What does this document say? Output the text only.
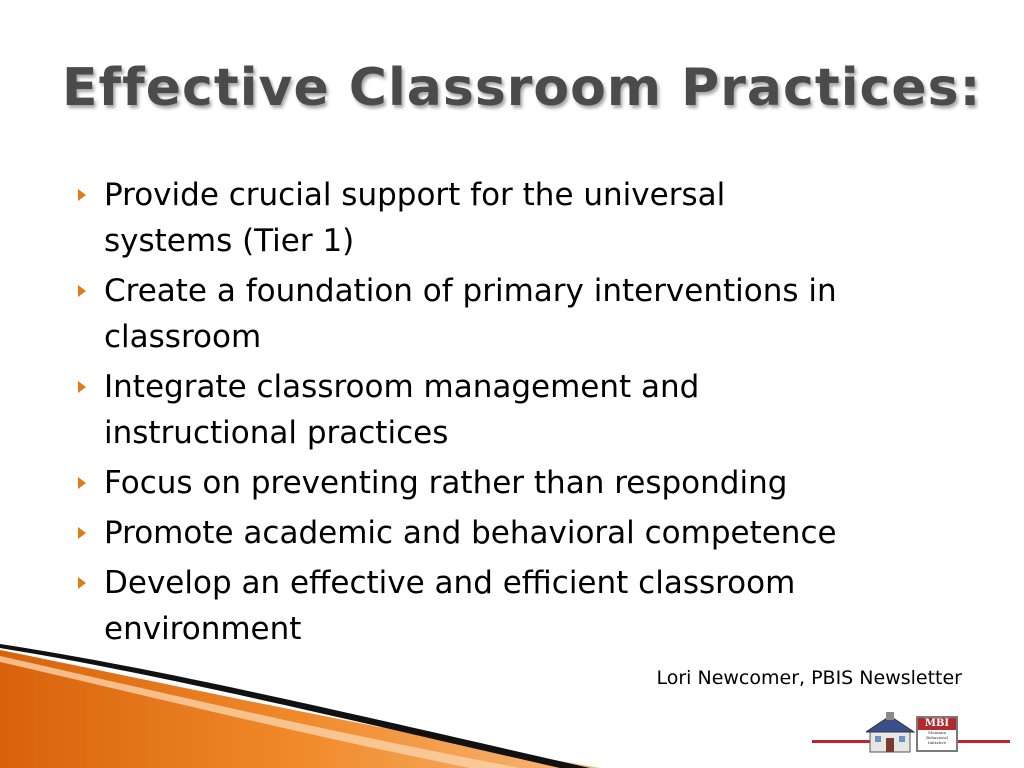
Effective Classroom Practices:
Provide crucial support for the universal
systems (Tier 1)
Create a foundation of primary interventions in
classroom
Integrate classroom management and
instructional practices
Focus on preventing rather than responding
Promote academic and behavioral competence
Develop an effective and efficient classroom
environment
Lori Newcomer, PBIS Newsletter
MBI
Montana
Behavioral
Initiative
